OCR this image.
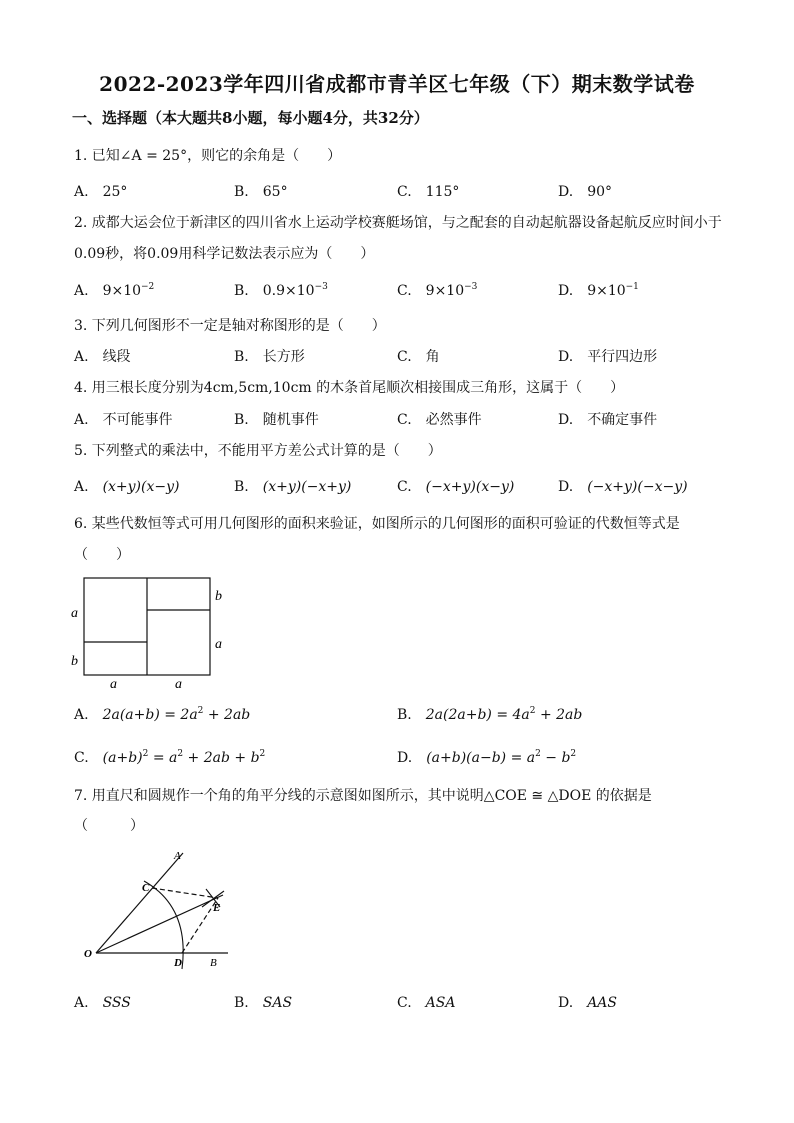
2022-2023学年四川省成都市青羊区七年级（下）期末数学试卷
一、选择题（本大题共8小题，每小题4分，共32分）
1. 已知∠A = 25°，则它的余角是（　　）
A. 25°	B. 65°	C. 115°	D. 90°
2. 成都大运会位于新津区的四川省水上运动学校赛艇场馆，与之配套的自动起航器设备起航反应时间小于
0.09秒，将0.09用科学记数法表示应为（　　）
A. $9\times 10^{-2}$	B. $0.9\times 10^{-3}$	C. $9\times 10^{-3}$	D. $9\times 10^{-1}$
3. 下列几何图形不一定是轴对称图形的是（　　）
A. 线段	B. 长方形	C. 角	D. 平行四边形
4. 用三根长度分别为4cm,5cm,10cm 的木条首尾顺次相接围成三角形，这属于（　　）
A. 不可能事件	B. 随机事件	C. 必然事件	D. 不确定事件
5. 下列整式的乘法中，不能用平方差公式计算的是（　　）
A. (x+y)(x−y)	B. (x+y)(−x+y)	C. (−x+y)(x−y)	D. (−x+y)(−x−y)
6. 某些代数恒等式可用几何图形的面积来验证，如图所示的几何图形的面积可验证的代数恒等式是
（　　）
a
b
b
a
a	a
A. $2a(a+b) = 2a^2 + 2ab$	B. $2a(2a+b) = 4a^2 + 2ab$
C. $(a+b)^2 = a^2 + 2ab + b^2$	D. $(a+b)(a-b) = a^2 - b^2$
7. 用直尺和圆规作一个角的角平分线的示意图如图所示，其中说明△COE ≅ △DOE 的依据是
（　　　）
A
C
E
O
D	B
A. SSS	B. SAS	C. ASA	D. AAS
